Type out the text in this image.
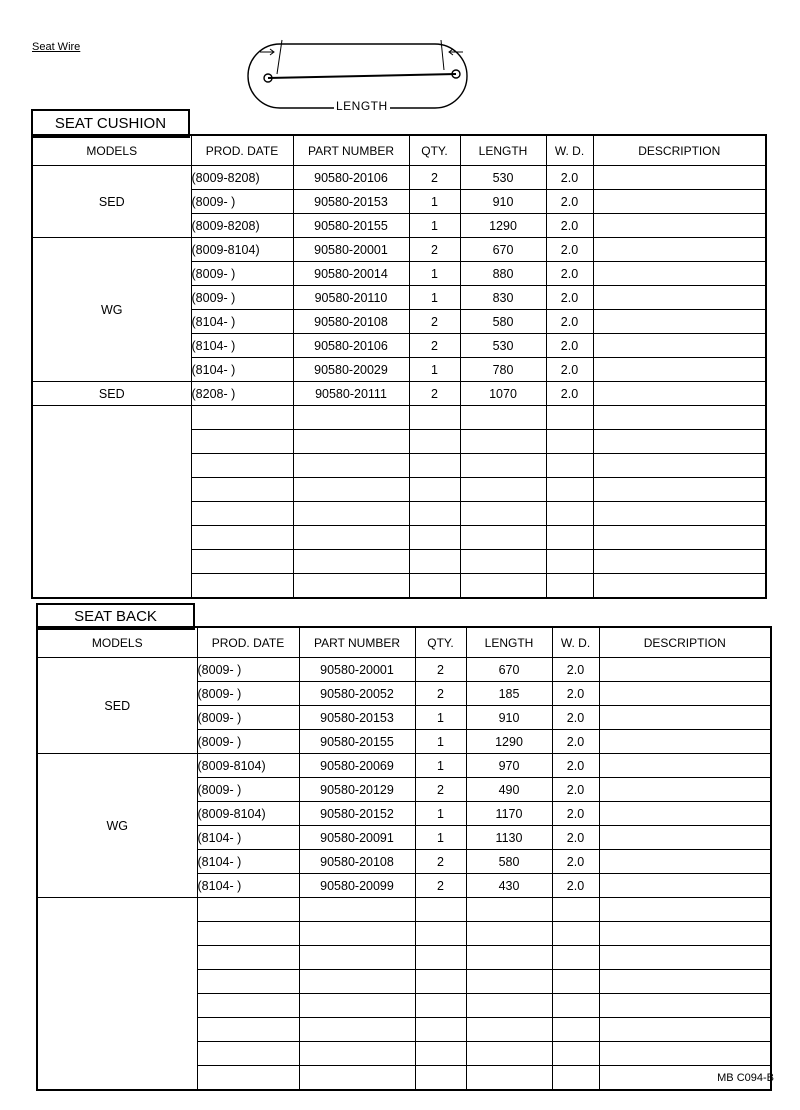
Seat Wire
LENGTH
SEAT CUSHION
MODELS	PROD. DATE	PART NUMBER	QTY.	LENGTH	W. D.	DESCRIPTION
SED	(8009-8208)	90580-20106	2	530	2.0	
	(8009- )	90580-20153	1	910	2.0	
	(8009-8208)	90580-20155	1	1290	2.0	
WG	(8009-8104)	90580-20001	2	670	2.0	
	(8009- )	90580-20014	1	880	2.0	
	(8009- )	90580-20110	1	830	2.0	
	(8104- )	90580-20108	2	580	2.0	
	(8104- )	90580-20106	2	530	2.0	
	(8104- )	90580-20029	1	780	2.0	
SED	(8208- )	90580-20111	2	1070	2.0	

SEAT BACK
MODELS	PROD. DATE	PART NUMBER	QTY.	LENGTH	W. D.	DESCRIPTION
SED	(8009- )	90580-20001	2	670	2.0	
	(8009- )	90580-20052	2	185	2.0	
	(8009- )	90580-20153	1	910	2.0	
	(8009- )	90580-20155	1	1290	2.0	
WG	(8009-8104)	90580-20069	1	970	2.0	
	(8009- )	90580-20129	2	490	2.0	
	(8009-8104)	90580-20152	1	1170	2.0	
	(8104- )	90580-20091	1	1130	2.0	
	(8104- )	90580-20108	2	580	2.0	
	(8104- )	90580-20099	2	430	2.0	

MB C094-B
